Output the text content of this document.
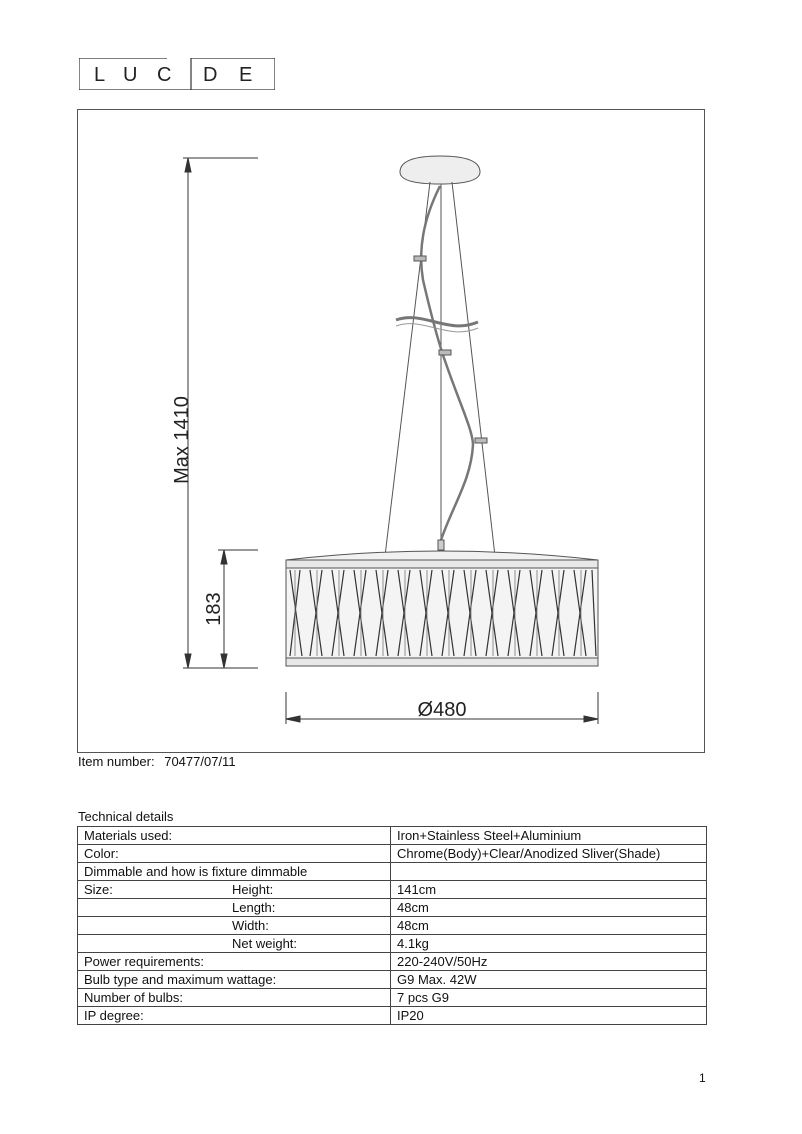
L U C D E
Max 1410
183
Ø480
Item number: 70477/07/11
Technical details
Materials used:	Iron+Stainless Steel+Aluminium
Color:	Chrome(Body)+Clear/Anodized Sliver(Shade)
Dimmable and how is fixture dimmable	
Size: Height:	141cm
Length:	48cm
Width:	48cm
Net weight:	4.1kg
Power requirements:	220-240V/50Hz
Bulb type and maximum wattage:	G9 Max. 42W
Number of bulbs:	7 pcs G9
IP degree:	IP20
1
